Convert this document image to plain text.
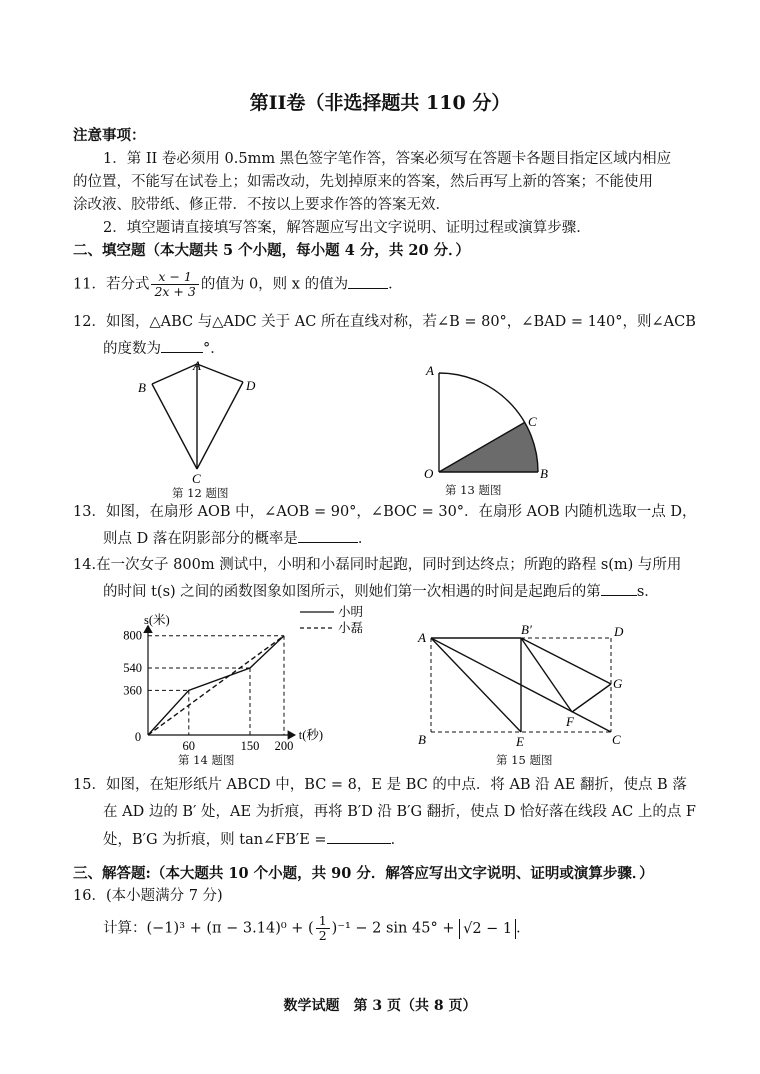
第II卷（非选择题共 110 分）
注意事项：
1．第 II 卷必须用 0.5mm 黑色签字笔作答，答案必须写在答题卡各题目指定区域内相应
的位置，不能写在试卷上；如需改动，先划掉原来的答案，然后再写上新的答案；不能使用
涂改液、胶带纸、修正带．不按以上要求作答的答案无效．
2．填空题请直接填写答案，解答题应写出文字说明、证明过程或演算步骤．
二、填空题（本大题共 5 个小题，每小题 4 分，共 20 分．）
11．若分式 $\frac{x - 1}{2x + 3}$ 的值为 0，则 x 的值为	．
12．如图，△ABC 与△ADC 关于 AC 所在直线对称，若∠B = 80°，∠BAD = 140°，则∠ACB
的度数为	°．
A
B	D
C
第 12 题图
A
O	B
C
第 13 题图
13．如图，在扇形 AOB 中，∠AOB = 90°，∠BOC = 30°．在扇形 AOB 内随机选取一点 D，
则点 D 落在阴影部分的概率是	．
14.在一次女子 800m 测试中，小明和小磊同时起跑，同时到达终点；所跑的路程 s(m) 与所用
的时间 t(s) 之间的函数图象如图所示，则她们第一次相遇的时间是起跑后的第 s．
360
540
800
0
60	150 200
s(米)
t(秒)
小明
小磊
第 14 题图
A
B′	D
G
F
B	E	C
第 15 题图
15．如图，在矩形纸片 ABCD 中，BC = 8，E 是 BC 的中点．将 AB 沿 AE 翻折，使点 B 落
在 AD 边的 B′ 处，AE 为折痕，再将 B′D 沿 B′G 翻折，使点 D 恰好落在线段 AC 上的点 F
处，B′G 为折痕，则 tan∠FB′E =	．
三、解答题:（本大题共 10 个小题，共 90 分．解答应写出文字说明、证明或演算步骤．）
16．(本小题满分 7 分)
计算：(−1)³ + (π − 3.14)⁰ + ( $\frac{1}{2} )^{-1} - 2$ sin 45° + √2 − 1 ．
数学试题　第 3 页（共 8 页）
